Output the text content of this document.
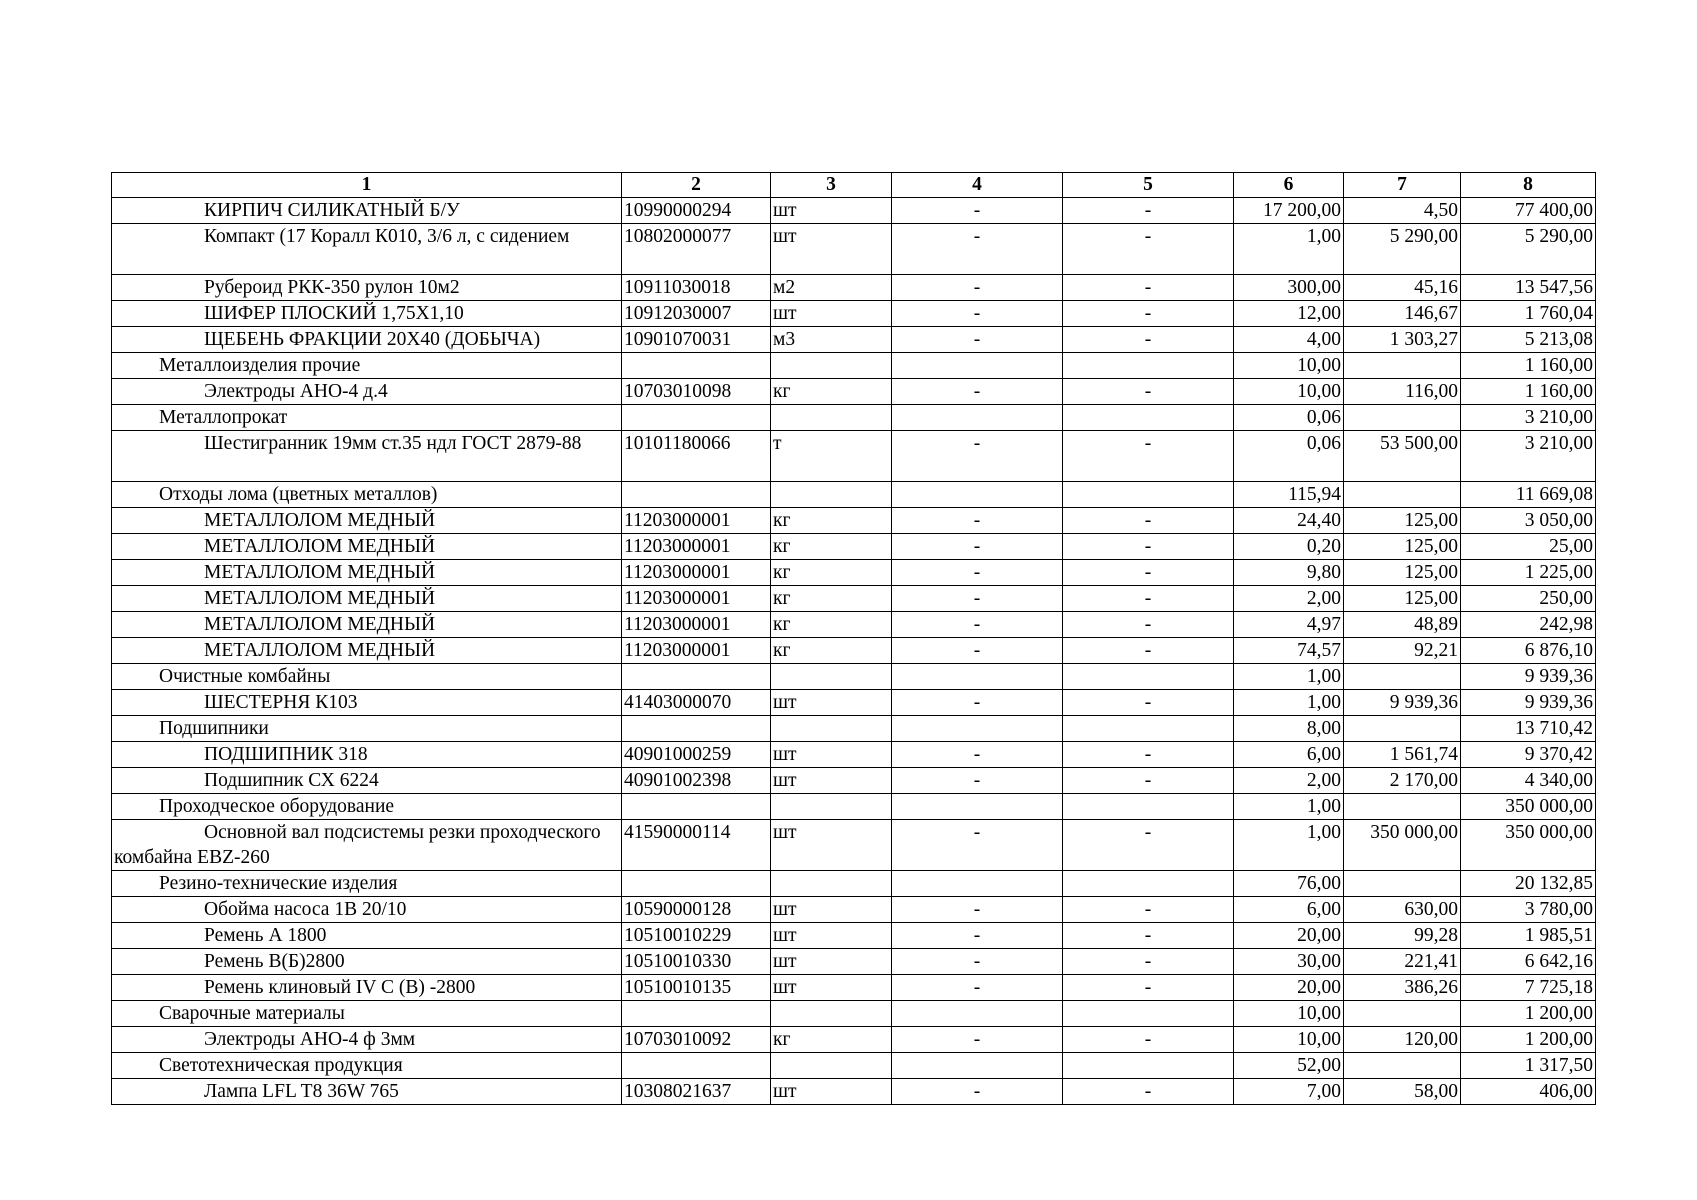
1	2	3	4	5	6	7	8
КИРПИЧ СИЛИКАТНЫЙ Б/У	10990000294	шт	-	-	17 200,00	4,50	77 400,00
Компакт (17 Коралл К010, 3/6 л, с сидением	10802000077	шт	-	-	1,00	5 290,00	5 290,00
Рубероид РКК-350 рулон 10м2	10911030018	м2	-	-	300,00	45,16	13 547,56
ШИФЕР ПЛОСКИЙ 1,75Х1,10	10912030007	шт	-	-	12,00	146,67	1 760,04
ЩЕБЕНЬ ФРАКЦИИ 20Х40 (ДОБЫЧА)	10901070031	м3	-	-	4,00	1 303,27	5 213,08
Металлоизделия прочие					10,00		1 160,00
Электроды АНО-4 д.4	10703010098	кг	-	-	10,00	116,00	1 160,00
Металлопрокат					0,06		3 210,00
Шестигранник 19мм ст.35 ндл ГОСТ 2879-88	10101180066	т	-	-	0,06	53 500,00	3 210,00
Отходы лома (цветных металлов)					115,94		11 669,08
МЕТАЛЛОЛОМ МЕДНЫЙ	11203000001	кг	-	-	24,40	125,00	3 050,00
МЕТАЛЛОЛОМ МЕДНЫЙ	11203000001	кг	-	-	0,20	125,00	25,00
МЕТАЛЛОЛОМ МЕДНЫЙ	11203000001	кг	-	-	9,80	125,00	1 225,00
МЕТАЛЛОЛОМ МЕДНЫЙ	11203000001	кг	-	-	2,00	125,00	250,00
МЕТАЛЛОЛОМ МЕДНЫЙ	11203000001	кг	-	-	4,97	48,89	242,98
МЕТАЛЛОЛОМ МЕДНЫЙ	11203000001	кг	-	-	74,57	92,21	6 876,10
Очистные комбайны					1,00		9 939,36
ШЕСТЕРНЯ К103	41403000070	шт	-	-	1,00	9 939,36	9 939,36
Подшипники					8,00		13 710,42
ПОДШИПНИК 318	40901000259	шт	-	-	6,00	1 561,74	9 370,42
Подшипник СХ 6224	40901002398	шт	-	-	2,00	2 170,00	4 340,00
Проходческое оборудование					1,00		350 000,00
Основной вал подсистемы резки проходческого комбайна EBZ-260	41590000114	шт	-	-	1,00	350 000,00	350 000,00
Резино-технические изделия					76,00		20 132,85
Обойма насоса 1В 20/10	10590000128	шт	-	-	6,00	630,00	3 780,00
Ремень А 1800	10510010229	шт	-	-	20,00	99,28	1 985,51
Ремень В(Б)2800	10510010330	шт	-	-	30,00	221,41	6 642,16
Ремень клиновый IV С (В) -2800	10510010135	шт	-	-	20,00	386,26	7 725,18
Сварочные материалы					10,00		1 200,00
Электроды АНО-4 ф 3мм	10703010092	кг	-	-	10,00	120,00	1 200,00
Светотехническая продукция					52,00		1 317,50
Лампа LFL T8 36W 765	10308021637	шт	-	-	7,00	58,00	406,00
